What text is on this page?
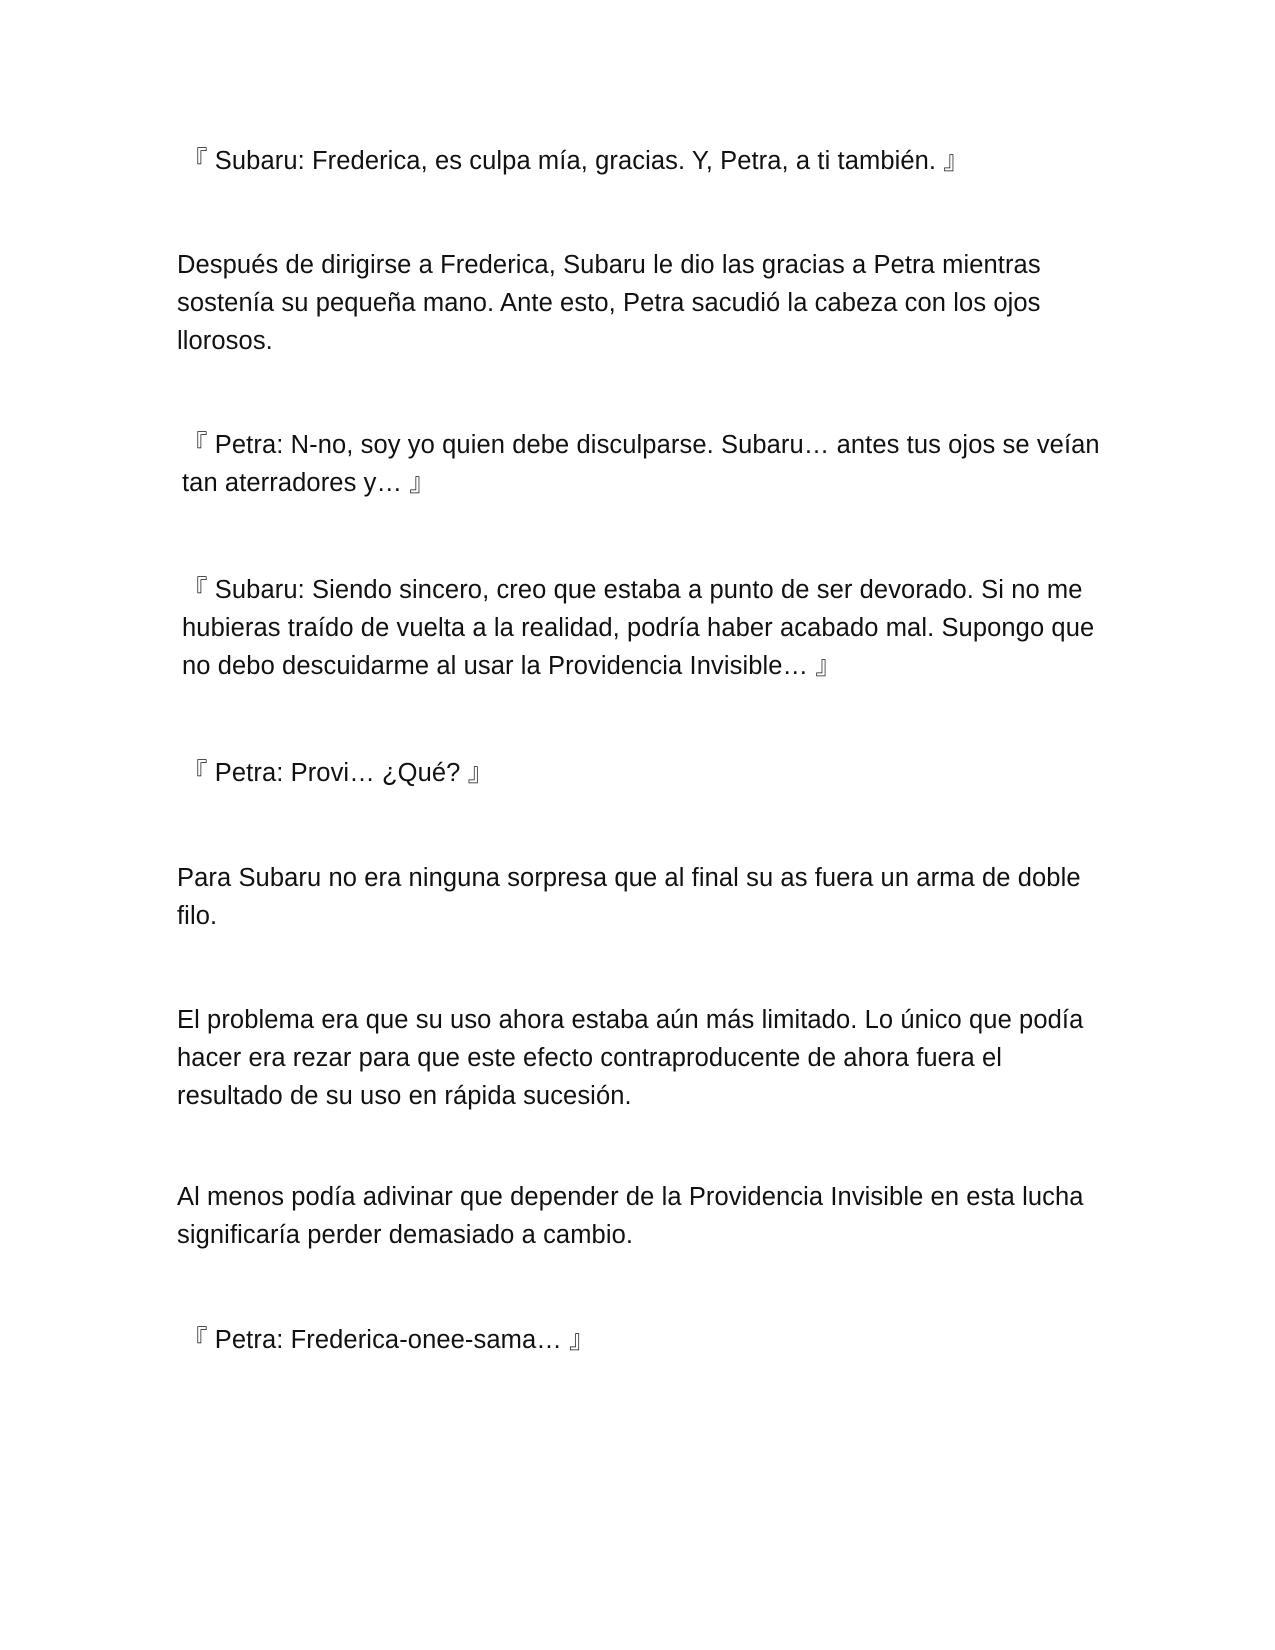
『 Subaru: Frederica, es culpa mía, gracias. Y, Petra, a ti también. 』

Después de dirigirse a Frederica, Subaru le dio las gracias a Petra mientras sostenía su pequeña mano. Ante esto, Petra sacudió la cabeza con los ojos llorosos.

『 Petra: N-no, soy yo quien debe disculparse. Subaru… antes tus ojos se veían tan aterradores y… 』

『 Subaru: Siendo sincero, creo que estaba a punto de ser devorado. Si no me hubieras traído de vuelta a la realidad, podría haber acabado mal. Supongo que no debo descuidarme al usar la Providencia Invisible… 』

『 Petra: Provi… ¿Qué? 』

Para Subaru no era ninguna sorpresa que al final su as fuera un arma de doble filo.

El problema era que su uso ahora estaba aún más limitado. Lo único que podía hacer era rezar para que este efecto contraproducente de ahora fuera el resultado de su uso en rápida sucesión.

Al menos podía adivinar que depender de la Providencia Invisible en esta lucha significaría perder demasiado a cambio.

『 Petra: Frederica-onee-sama… 』
